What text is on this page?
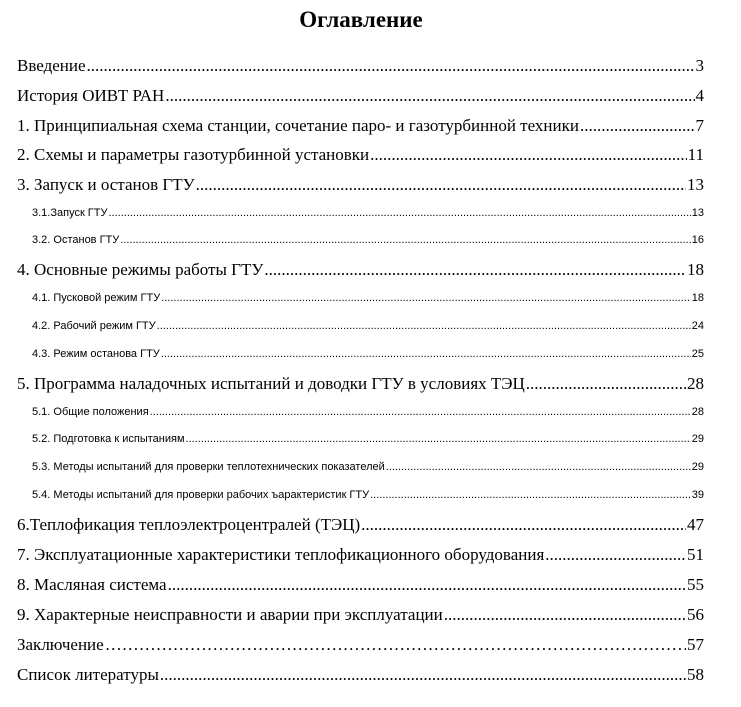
Оглавление
Введение .....	3
История ОИВТ РАН .....	4
1. Принципиальная схема станции, сочетание паро- и газотурбинной техники .....	7
2. Схемы и параметры газотурбинной установки .....	11
3. Запуск и останов ГТУ .....	13
3.1.Запуск ГТУ .....	13
3.2. Останов ГТУ .....	16
4. Основные режимы работы ГТУ .....	18
4.1. Пусковой режим ГТУ .....	18
4.2. Рабочий режим ГТУ .....	24
4.3. Режим останова ГТУ .....	25
5. Программа наладочных испытаний и доводки ГТУ в условиях ТЭЦ .....	28
5.1. Общие положения .....	28
5.2. Подготовка к испытаниям .....	29
5.3. Методы испытаний для проверки теплотехнических показателей .....	29
5.4. Методы испытаний для проверки рабочих ъарактеристик ГТУ .....	39
6.Теплофикация теплоэлектроцентралей (ТЭЦ) .....	47
7. Эксплуатационные характеристики теплофикационного оборудования .....	51
8. Масляная система .....	55
9. Характерные неисправности и аварии при эксплуатации .....	56
Заключение ……………………………………………………………………………………………………………………………………………………………………………………………………………………	57
Список литературы .....	58
